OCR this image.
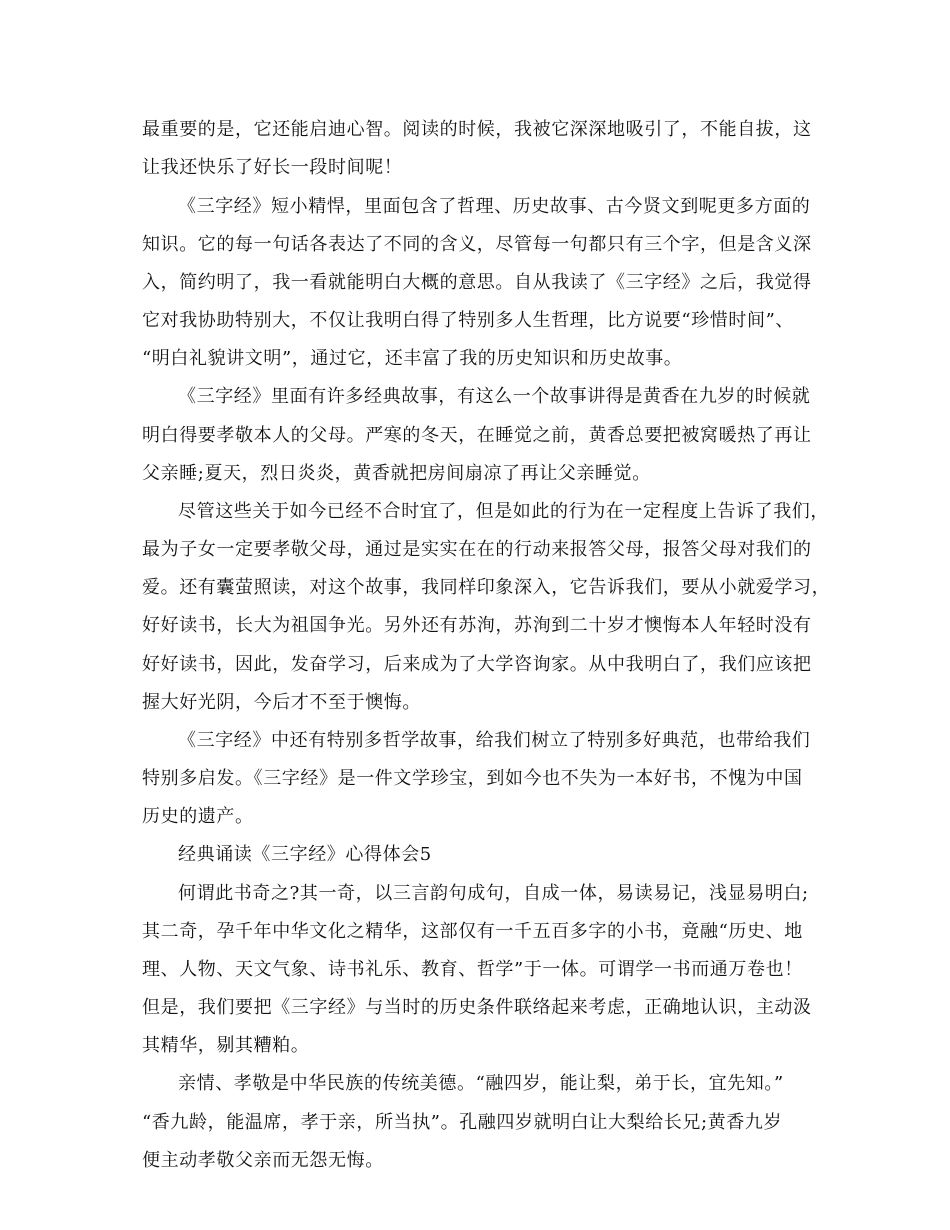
最重要的是，它还能启迪心智。阅读的时候，我被它深深地吸引了，不能自拔，这
让我还快乐了好长一段时间呢！
《三字经》短小精悍，里面包含了哲理、历史故事、古今贤文到呢更多方面的
知识。它的每一句话各表达了不同的含义，尽管每一句都只有三个字，但是含义深
入，简约明了，我一看就能明白大概的意思。自从我读了《三字经》之后，我觉得
它对我协助特别大，不仅让我明白得了特别多人生哲理，比方说要“珍惜时间”、
“明白礼貌讲文明”，通过它，还丰富了我的历史知识和历史故事。
《三字经》里面有许多经典故事，有这么一个故事讲得是黄香在九岁的时候就
明白得要孝敬本人的父母。严寒的冬天，在睡觉之前，黄香总要把被窝暖热了再让
父亲睡;夏天，烈日炎炎，黄香就把房间扇凉了再让父亲睡觉。
尽管这些关于如今已经不合时宜了，但是如此的行为在一定程度上告诉了我们，
最为子女一定要孝敬父母，通过是实实在在的行动来报答父母，报答父母对我们的
爱。还有囊萤照读，对这个故事，我同样印象深入，它告诉我们，要从小就爱学习，
好好读书，长大为祖国争光。另外还有苏洵，苏洵到二十岁才懊悔本人年轻时没有
好好读书，因此，发奋学习，后来成为了大学咨询家。从中我明白了，我们应该把
握大好光阴，今后才不至于懊悔。
《三字经》中还有特别多哲学故事，给我们树立了特别多好典范，也带给我们
特别多启发。《三字经》是一件文学珍宝，到如今也不失为一本好书，不愧为中国
历史的遗产。
经典诵读《三字经》心得体会5
何谓此书奇之?其一奇，以三言韵句成句，自成一体，易读易记，浅显易明白;
其二奇，孕千年中华文化之精华，这部仅有一千五百多字的小书，竟融“历史、地
理、人物、天文气象、诗书礼乐、教育、哲学”于一体。可谓学一书而通万卷也！
但是，我们要把《三字经》与当时的历史条件联络起来考虑，正确地认识，主动汲
其精华，剔其糟粕。
亲情、孝敬是中华民族的传统美德。“融四岁，能让梨，弟于长，宜先知。”
“香九龄，能温席，孝于亲，所当执”。孔融四岁就明白让大梨给长兄;黄香九岁
便主动孝敬父亲而无怨无悔。
